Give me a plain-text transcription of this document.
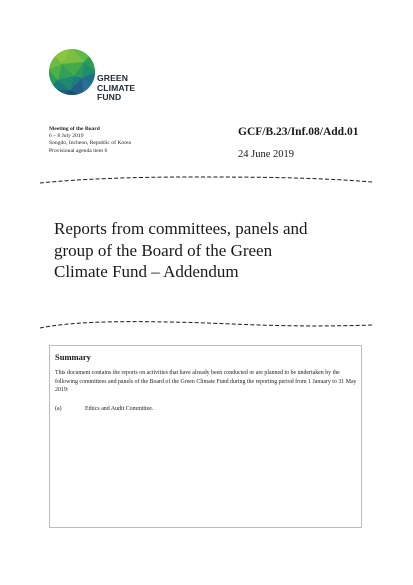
GREEN
CLIMATE
FUND
Meeting of the Board
6 – 8 July 2019
Songdo, Incheon, Republic of Korea
Provisional agenda item 6
GCF/B.23/Inf.08/Add.01
24 June 2019
Reports from committees, panels and
group of the Board of the Green
Climate Fund – Addendum
Summary
This document contains the reports on activities that have already been conducted or are planned to be undertaken by the following committees and panels of the Board of the Green Climate Fund during the reporting period from 1 January to 31 May 2019:
(a)	Ethics and Audit Committee.
